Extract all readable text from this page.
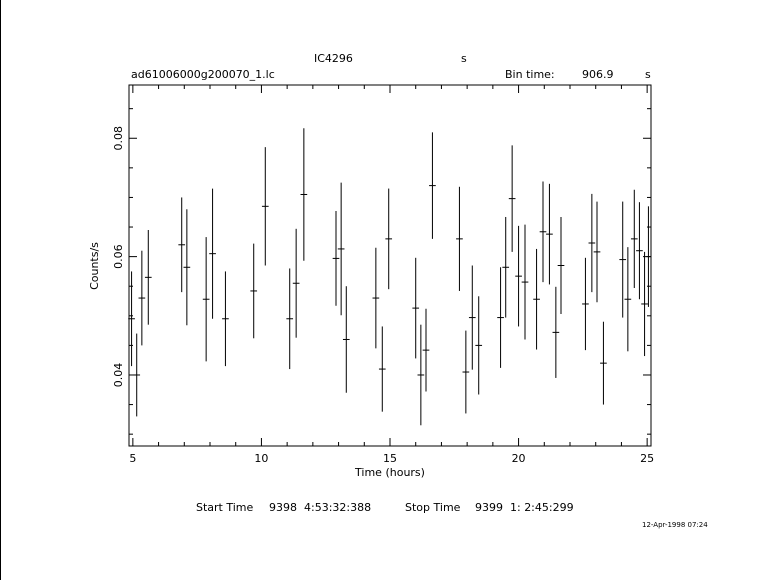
IC4296	s
ad61006000g200070_1.lc	Bin time: 906.9	s
5	10	15	20	25
0.04
0.06
0.08
Time (hours)
Counts/s
Start Time 9398  4:53:32:388	Stop Time 9399  1: 2:45:299
12-Apr-1998 07:24
